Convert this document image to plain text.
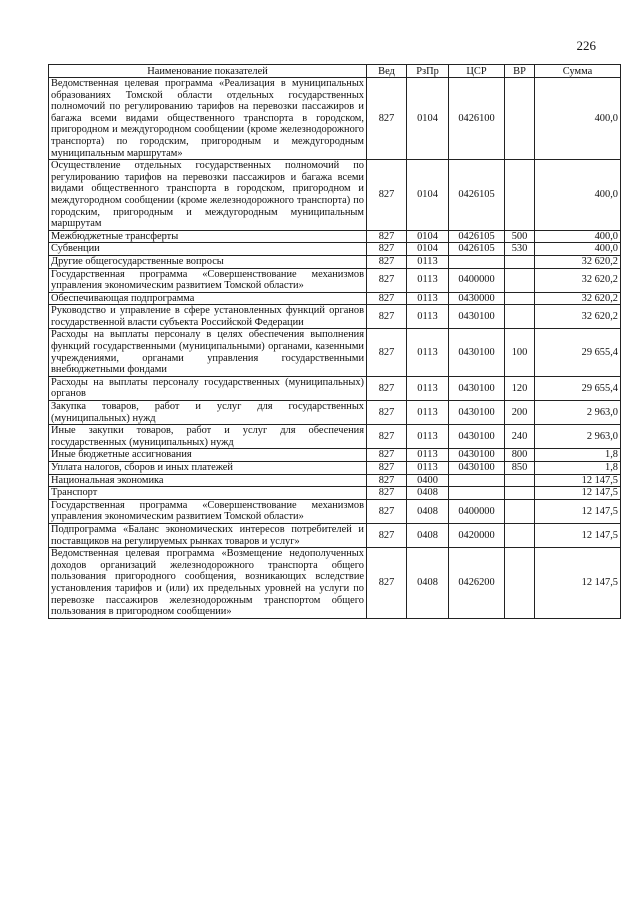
226
Наименование показателей	Вед	РзПр	ЦСР	ВР	Сумма
Ведомственная целевая программа «Реализация в муниципальных образованиях Томской области отдельных государственных полномочий по регулированию тарифов на перевозки пассажиров и багажа всеми видами общественного транспорта в городском, пригородном и междугородном сообщении (кроме железнодорожного транспорта) по городским, пригородным и междугородным муниципальным маршрутам»	827	0104	0426100		400,0
Осуществление отдельных государственных полномочий по регулированию тарифов на перевозки пассажиров и багажа всеми видами общественного транспорта в городском, пригородном и междугородном сообщении (кроме железнодорожного транспорта) по городским, пригородным и междугородным муниципальным маршрутам	827	0104	0426105		400,0
Межбюджетные трансферты	827	0104	0426105	500	400,0
Субвенции	827	0104	0426105	530	400,0
Другие общегосударственные вопросы	827	0113			32 620,2
Государственная программа «Совершенствование механизмов управления экономическим развитием Томской области»	827	0113	0400000		32 620,2
Обеспечивающая подпрограмма	827	0113	0430000		32 620,2
Руководство и управление в сфере установленных функций органов государственной власти субъекта Российской Федерации	827	0113	0430100		32 620,2
Расходы на выплаты персоналу в целях обеспечения выполнения функций государственными (муниципальными) органами, казенными учреждениями, органами управления государственными внебюджетными фондами	827	0113	0430100	100	29 655,4
Расходы на выплаты персоналу государственных (муниципальных) органов	827	0113	0430100	120	29 655,4
Закупка товаров, работ и услуг для государственных (муниципальных) нужд	827	0113	0430100	200	2 963,0
Иные закупки товаров, работ и услуг для обеспечения государственных (муниципальных) нужд	827	0113	0430100	240	2 963,0
Иные бюджетные ассигнования	827	0113	0430100	800	1,8
Уплата налогов, сборов и иных платежей	827	0113	0430100	850	1,8
Национальная экономика	827	0400			12 147,5
Транспорт	827	0408			12 147,5
Государственная программа «Совершенствование механизмов управления экономическим развитием Томской области»	827	0408	0400000		12 147,5
Подпрограмма «Баланс экономических интересов потребителей и поставщиков на регулируемых рынках товаров и услуг»	827	0408	0420000		12 147,5
Ведомственная целевая программа «Возмещение недополученных доходов организаций железнодорожного транспорта общего пользования пригородного сообщения, возникающих вследствие установления тарифов и (или) их предельных уровней на услуги по перевозке пассажиров железнодорожным транспортом общего пользования в пригородном сообщении»	827	0408	0426200		12 147,5
